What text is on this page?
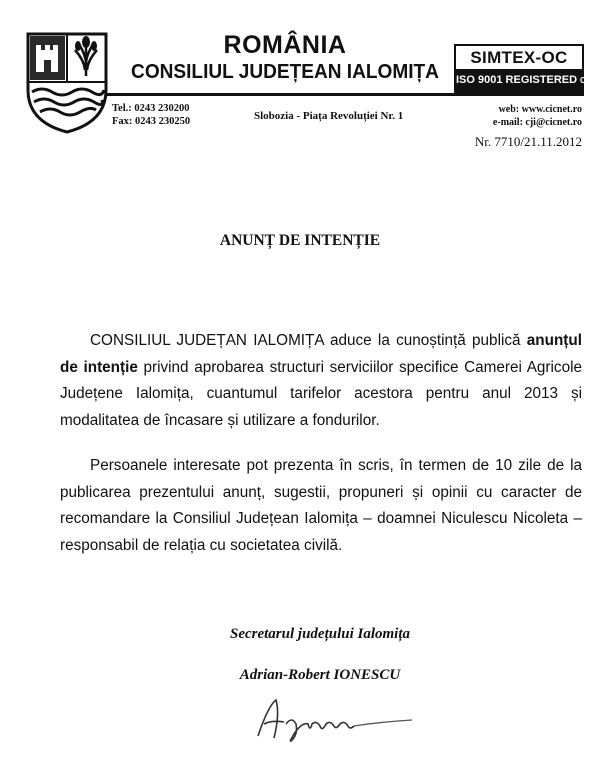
ROMÂNIA
CONSILIUL JUDEȚEAN IALOMIȚA
SIMTEX-OC
ISO 9001 REGISTERED C.3449.1
Tel.: 0243 230200
Fax: 0243 230250	Slobozia - Piața Revoluției Nr. 1
web: www.cicnet.ro
e-mail: cji@cicnet.ro
Nr. 7710/21.11.2012
ANUNȚ DE INTENȚIE
CONSILIUL JUDEȚAN IALOMIȚA aduce la cunoștință publică anunțul de intenție privind aprobarea structuri serviciilor specifice Camerei Agricole Județene Ialomița, cuantumul tarifelor acestora pentru anul 2013 și modalitatea de încasare și utilizare a fondurilor.
Persoanele interesate pot prezenta în scris, în termen de 10 zile de la publicarea prezentului anunț, sugestii, propuneri și opinii cu caracter de recomandare la Consiliul Județean Ialomița – doamnei Niculescu Nicoleta – responsabil de relația cu societatea civilă.
Secretarul județului Ialomița
Adrian-Robert IONESCU
